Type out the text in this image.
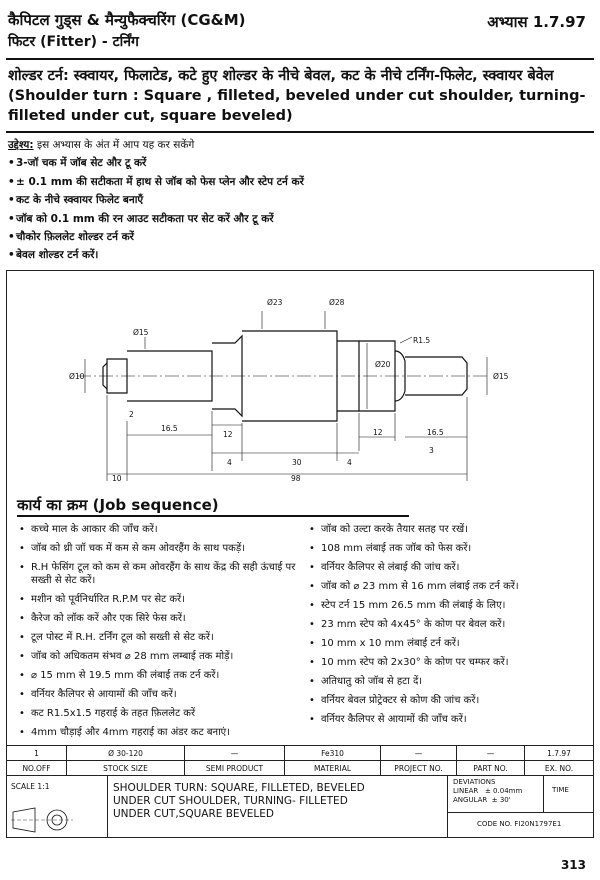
कैपिटल गुड्स & मैन्युफैक्चरिंग (CG&M)
फिटर (Fitter) - टर्निंग
अभ्यास 1.7.97
शोल्डर टर्न: स्क्वायर, फिलाटेड, कटे हुए शोल्डर के नीचे बेवल, कट के नीचे टर्निंग-फिलेट, स्क्वायर बेवेल
(Shoulder turn : Square , filleted, beveled under cut shoulder, turning-filleted under cut, square beveled)
उद्देश्य: इस अभ्यास के अंत में आप यह कर सकेंगे
• 3-जॉ चक में जॉब सेट और टू करें
• ± 0.1 mm की सटीकता में हाथ से जॉब को फेस प्लेन और स्टेप टर्न करें
• कट के नीचे स्क्वायर फिलेट बनाएँ
• जॉब को 0.1 mm की रन आउट सटीकता पर सेट करें और टू करें
• चौकोर फ़िललेट शोल्डर टर्न करें
• बेवल शोल्डर टर्न करें।
Ø23	Ø28
Ø15
Ø10
Ø20
Ø15
R1.5
2
16.5
12
4	30	4
12	16.5
3
10	98
कार्य का क्रम (Job sequence)
• कच्चे माल के आकार की जाँच करें।
• जॉब को थ्री जॉ चक में कम से कम ओवरहैंग के साथ पकड़ें।
• R.H फेसिंग टूल को कम से कम ओवरहैंग के साथ केंद्र की सही ऊंचाई पर सख्ती से सेट करें।
• मशीन को पूर्वनिर्धारित R.P.M पर सेट करें।
• कैरेज को लॉक करें और एक सिरे फेस करें।
• टूल पोस्ट में R.H. टर्निंग टूल को सख्ती से सेट करें।
• जॉब को अधिकतम संभव ⌀ 28 mm लम्बाई तक मोड़ें।
• ⌀ 15 mm से 19.5 mm की लंबाई तक टर्न करें।
• वर्नियर कैलिपर से आयामों की जाँच करें।
• कट R1.5x1.5 गहराई के तहत फ़िललेट करें
• 4mm चौड़ाई और 4mm गहराई का अंडर कट बनाएं।
• जॉब को उल्टा करके तैयार सतह पर रखें।
• 108 mm लंबाई तक जॉब को फेस करें।
• वर्नियर कैलिपर से लंबाई की जांच करें।
• जॉब को ⌀ 23 mm से 16 mm लंबाई तक टर्न करें।
• स्टेप टर्न 15 mm 26.5 mm की लंबाई के लिए।
• 23 mm स्टेप को 4x45° के कोण पर बेवल करें।
• 10 mm x 10 mm लंबाई टर्न करें।
• 10 mm स्टेप को 2x30° के कोण पर चम्फर करें।
• अतिधातु को जॉब से हटा दें।
• वर्नियर बेवल प्रोट्रेक्टर से कोण की जांच करें।
• वर्नियर कैलिपर से आयामों की जाँच करें।
1	Ø 30-120	—	Fe310	—	—	1.7.97
NO.OFF	STOCK SIZE	SEMI PRODUCT	MATERIAL	PROJECT NO.	PART NO.	EX. NO.
SCALE 1:1	SHOULDER TURN: SQUARE, FILLETED, BEVELED
UNDER CUT SHOULDER, TURNING- FILLETED
UNDER CUT,SQUARE BEVELED
DEVIATIONS
LINEAR ± 0.04mm
ANGULAR ± 30'
TIME
CODE NO. FI20N1797E1
313
